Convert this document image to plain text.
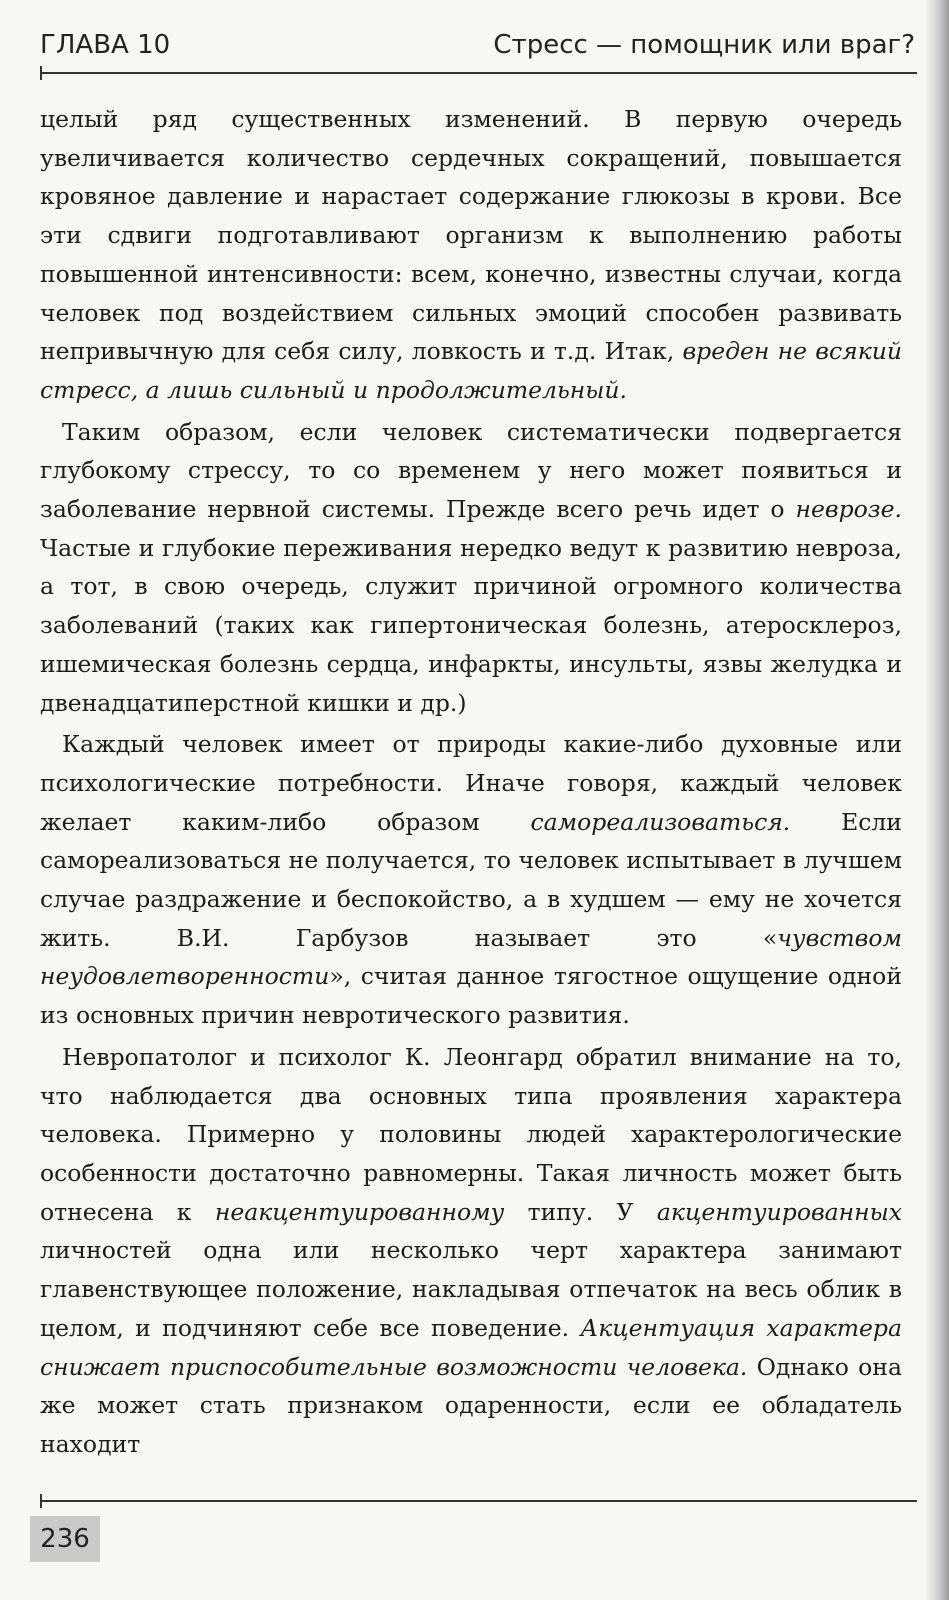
ГЛАВА 10	Стресс — помощник или враг?

целый ряд существенных изменений. В первую очередь увеличивается количество сердечных сокращений, повышается кровяное давление и нарастает содержание глюкозы в крови. Все эти сдвиги подготавливают организм к выполнению работы повышенной интенсивности: всем, конечно, известны случаи, когда человек под воздействием сильных эмоций способен развивать непривычную для себя силу, ловкость и т.д. Итак, вреден не всякий стресс, а лишь сильный и продолжительный.

Таким образом, если человек систематически подвергается глубокому стрессу, то со временем у него может появиться и заболевание нервной системы. Прежде всего речь идет о неврозе. Частые и глубокие переживания нередко ведут к развитию невроза, а тот, в свою очередь, служит причиной огромного количества заболеваний (таких как гипертоническая болезнь, атеросклероз, ишемическая болезнь сердца, инфаркты, инсульты, язвы желудка и двенадцатиперстной кишки и др.)

Каждый человек имеет от природы какие-либо духовные или психологические потребности. Иначе говоря, каждый человек желает каким-либо образом самореализоваться. Если самореализоваться не получается, то человек испытывает в лучшем случае раздражение и беспокойство, а в худшем — ему не хочется жить. В.И. Гарбузов называет это «чувством неудовлетворенности», считая данное тягостное ощущение одной из основных причин невротического развития.

Невропатолог и психолог К. Леонгард обратил внимание на то, что наблюдается два основных типа проявления характера человека. Примерно у половины людей характерологические особенности достаточно равномерны. Такая личность может быть отнесена к неакцентуированному типу. У акцентуированных личностей одна или несколько черт характера занимают главенствующее положение, накладывая отпечаток на весь облик в целом, и подчиняют себе все поведение. Акцентуация характера снижает приспособительные возможности человека. Однако она же может стать признаком одаренности, если ее обладатель находит

236
